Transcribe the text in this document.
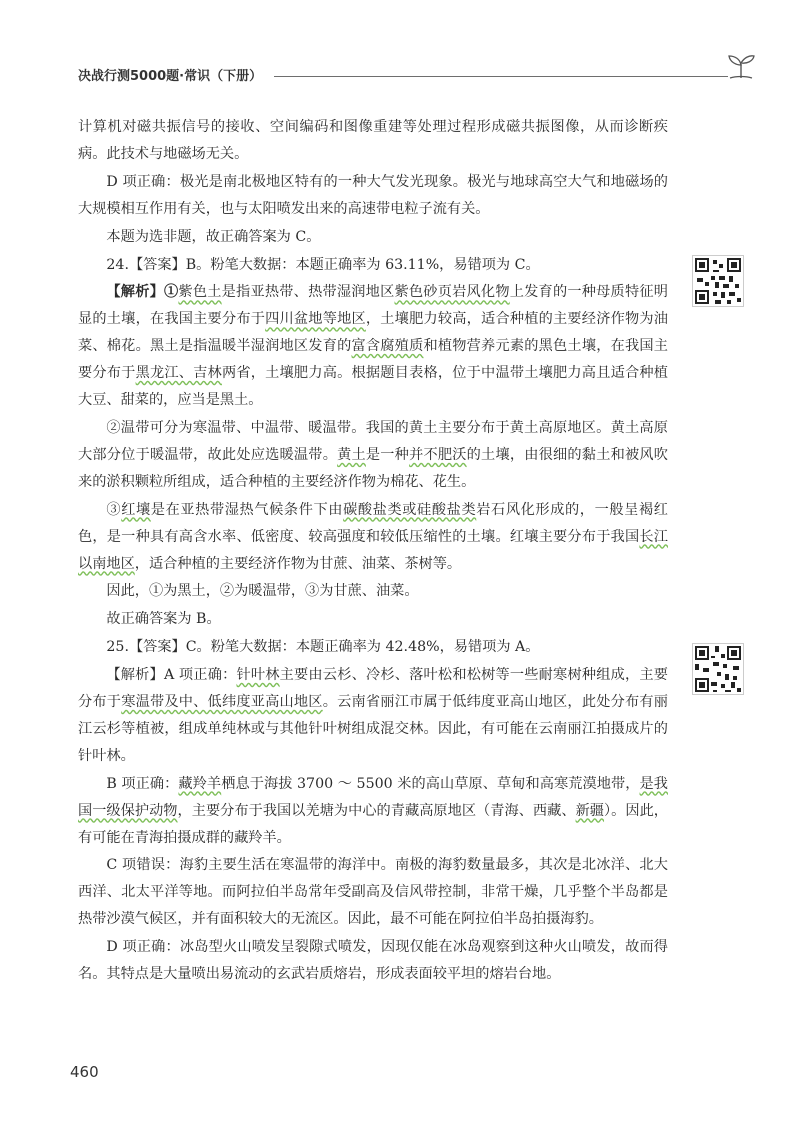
决战行测5000题·常识（下册）

计算机对磁共振信号的接收、空间编码和图像重建等处理过程形成磁共振图像，从而诊断疾病。此技术与地磁场无关。

D 项正确：极光是南北极地区特有的一种大气发光现象。极光与地球高空大气和地磁场的大规模相互作用有关，也与太阳喷发出来的高速带电粒子流有关。

本题为选非题，故正确答案为 C。

24.【答案】B。粉笔大数据：本题正确率为 63.11%，易错项为 C。

【解析】①紫色土是指亚热带、热带湿润地区紫色砂页岩风化物上发育的一种母质特征明显的土壤，在我国主要分布于四川盆地等地区，土壤肥力较高，适合种植的主要经济作物为油菜、棉花。黑土是指温暖半湿润地区发育的富含腐殖质和植物营养元素的黑色土壤，在我国主要分布于黑龙江、吉林两省，土壤肥力高。根据题目表格，位于中温带土壤肥力高且适合种植大豆、甜菜的，应当是黑土。

②温带可分为寒温带、中温带、暖温带。我国的黄土主要分布于黄土高原地区。黄土高原大部分位于暖温带，故此处应选暖温带。黄土是一种并不肥沃的土壤，由很细的黏土和被风吹来的淤积颗粒所组成，适合种植的主要经济作物为棉花、花生。

③红壤是在亚热带湿热气候条件下由碳酸盐类或硅酸盐类岩石风化形成的，一般呈褐红色，是一种具有高含水率、低密度、较高强度和较低压缩性的土壤。红壤主要分布于我国长江以南地区，适合种植的主要经济作物为甘蔗、油菜、茶树等。

因此，①为黑土，②为暖温带，③为甘蔗、油菜。

故正确答案为 B。

25.【答案】C。粉笔大数据：本题正确率为 42.48%，易错项为 A。

【解析】A 项正确：针叶林主要由云杉、冷杉、落叶松和松树等一些耐寒树种组成，主要分布于寒温带及中、低纬度亚高山地区。云南省丽江市属于低纬度亚高山地区，此处分布有丽江云杉等植被，组成单纯林或与其他针叶树组成混交林。因此，有可能在云南丽江拍摄成片的针叶林。

B 项正确：藏羚羊栖息于海拔 3700 ～ 5500 米的高山草原、草甸和高寒荒漠地带，是我国一级保护动物，主要分布于我国以羌塘为中心的青藏高原地区（青海、西藏、新疆）。因此，有可能在青海拍摄成群的藏羚羊。

C 项错误：海豹主要生活在寒温带的海洋中。南极的海豹数量最多，其次是北冰洋、北大西洋、北太平洋等地。而阿拉伯半岛常年受副高及信风带控制，非常干燥，几乎整个半岛都是热带沙漠气候区，并有面积较大的无流区。因此，最不可能在阿拉伯半岛拍摄海豹。

D 项正确：冰岛型火山喷发呈裂隙式喷发，因现仅能在冰岛观察到这种火山喷发，故而得名。其特点是大量喷出易流动的玄武岩质熔岩，形成表面较平坦的熔岩台地。

460
